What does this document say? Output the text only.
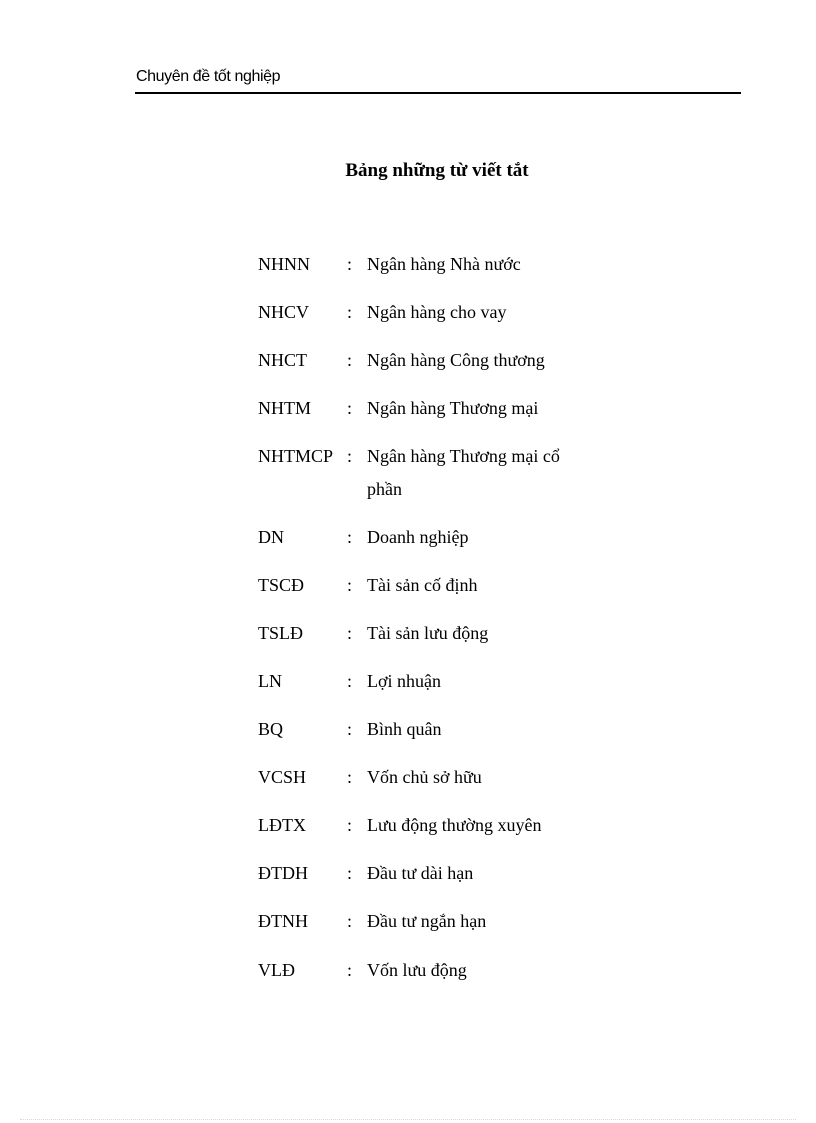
Chuyên đề tốt nghiệp
Bảng những từ viết tắt
NHNN	: Ngân hàng Nhà nước
NHCV	: Ngân hàng cho vay
NHCT	: Ngân hàng Công thương
NHTM	: Ngân hàng Thương mại
NHTMCP : Ngân hàng Thương mại cổ phần
DN	: Doanh nghiệp
TSCĐ	: Tài sản cố định
TSLĐ	: Tài sản lưu động
LN	: Lợi nhuận
BQ	: Bình quân
VCSH	: Vốn chủ sở hữu
LĐTX	: Lưu động thường xuyên
ĐTDH	: Đầu tư dài hạn
ĐTNH	: Đầu tư ngắn hạn
VLĐ	: Vốn lưu động
